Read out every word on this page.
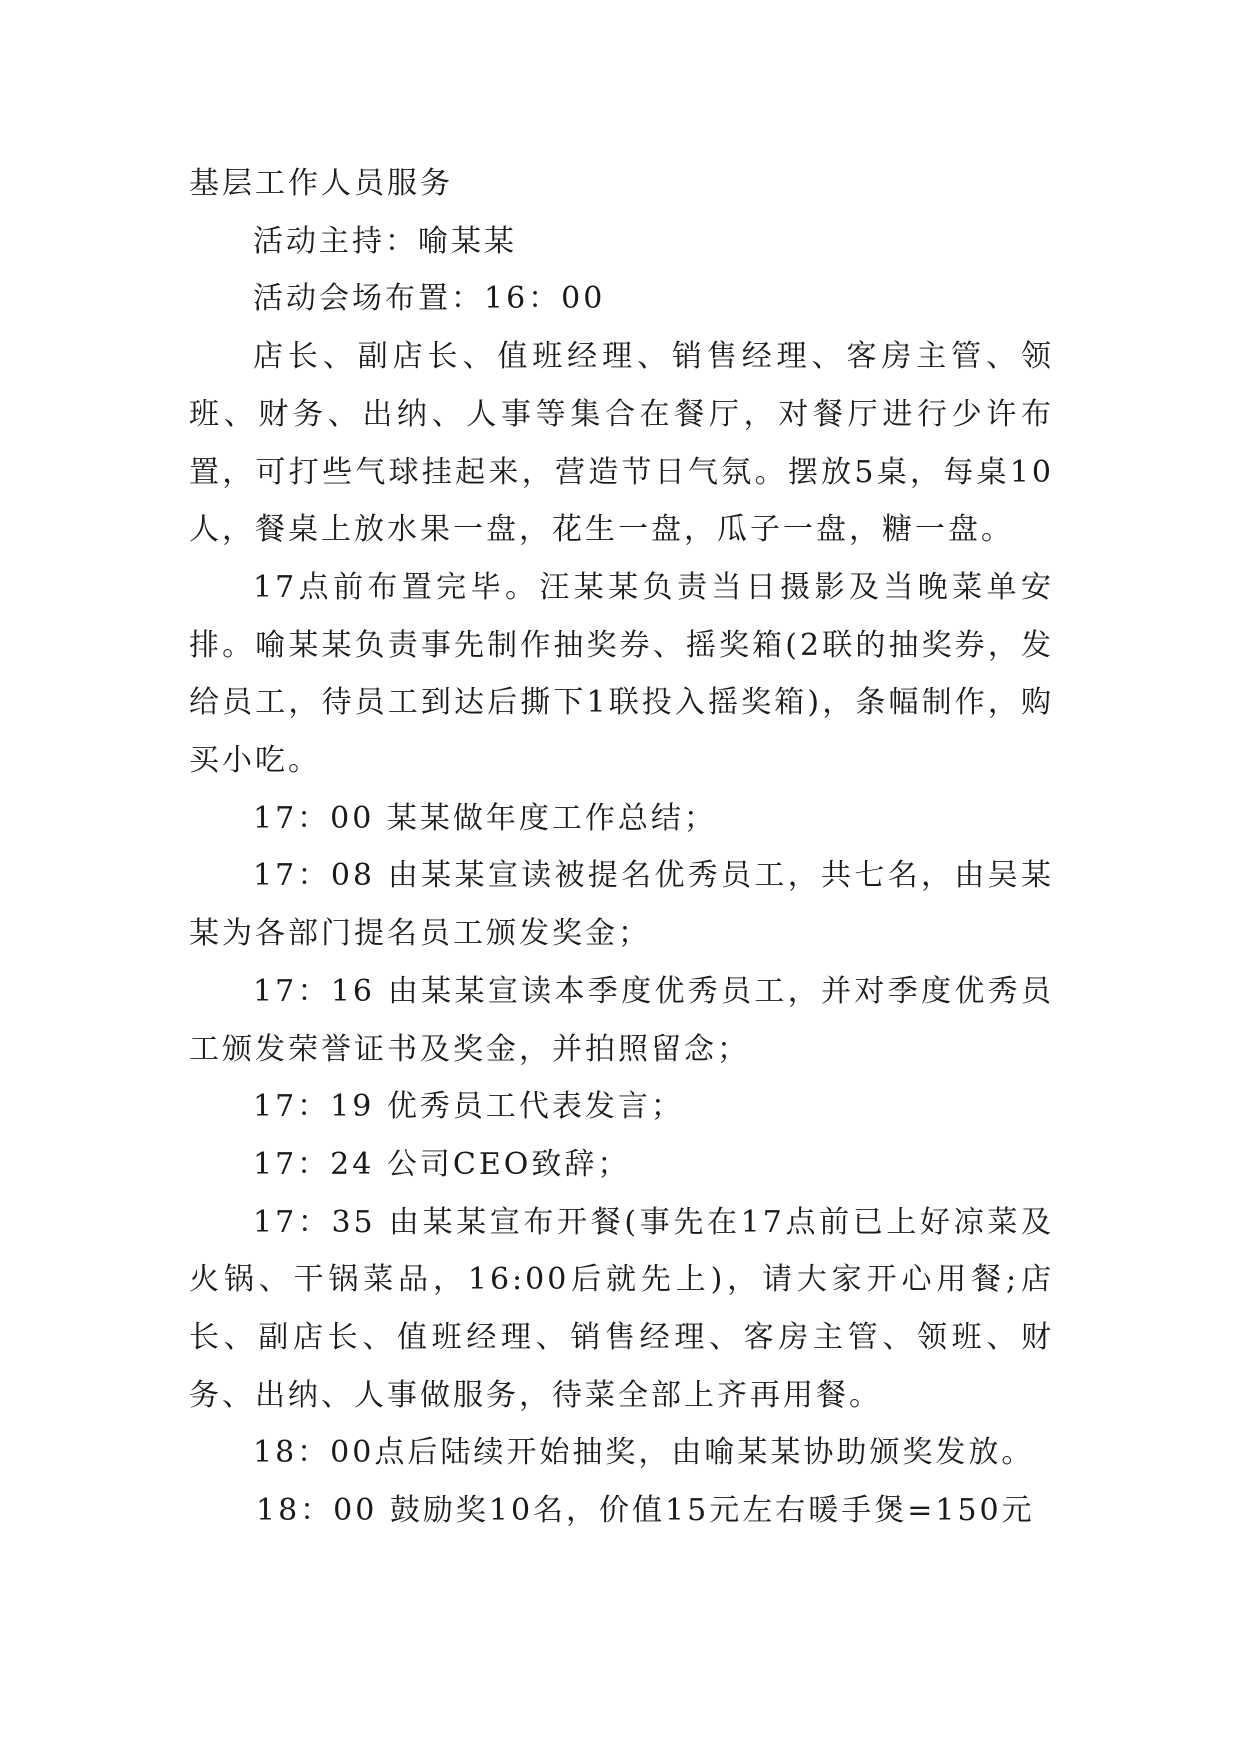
基层工作人员服务

活动主持：喻某某

活动会场布置：16：00

店长、副店长、值班经理、销售经理、客房主管、领班、财务、出纳、人事等集合在餐厅，对餐厅进行少许布置，可打些气球挂起来，营造节日气氛。摆放5桌，每桌10人，餐桌上放水果一盘，花生一盘，瓜子一盘，糖一盘。

17点前布置完毕。汪某某负责当日摄影及当晚菜单安排。喻某某负责事先制作抽奖券、摇奖箱(2联的抽奖券，发给员工，待员工到达后撕下1联投入摇奖箱)，条幅制作，购买小吃。

17：00 某某做年度工作总结；

17：08 由某某宣读被提名优秀员工，共七名，由吴某某为各部门提名员工颁发奖金；

17：16 由某某宣读本季度优秀员工，并对季度优秀员工颁发荣誉证书及奖金，并拍照留念；

17：19 优秀员工代表发言；

17：24 公司CEO致辞；

17：35 由某某宣布开餐(事先在17点前已上好凉菜及火锅、干锅菜品，16:00后就先上)，请大家开心用餐;店长、副店长、值班经理、销售经理、客房主管、领班、财务、出纳、人事做服务，待菜全部上齐再用餐。

18：00点后陆续开始抽奖，由喻某某协助颁奖发放。

18：00 鼓励奖10名，价值15元左右暖手煲=150元
